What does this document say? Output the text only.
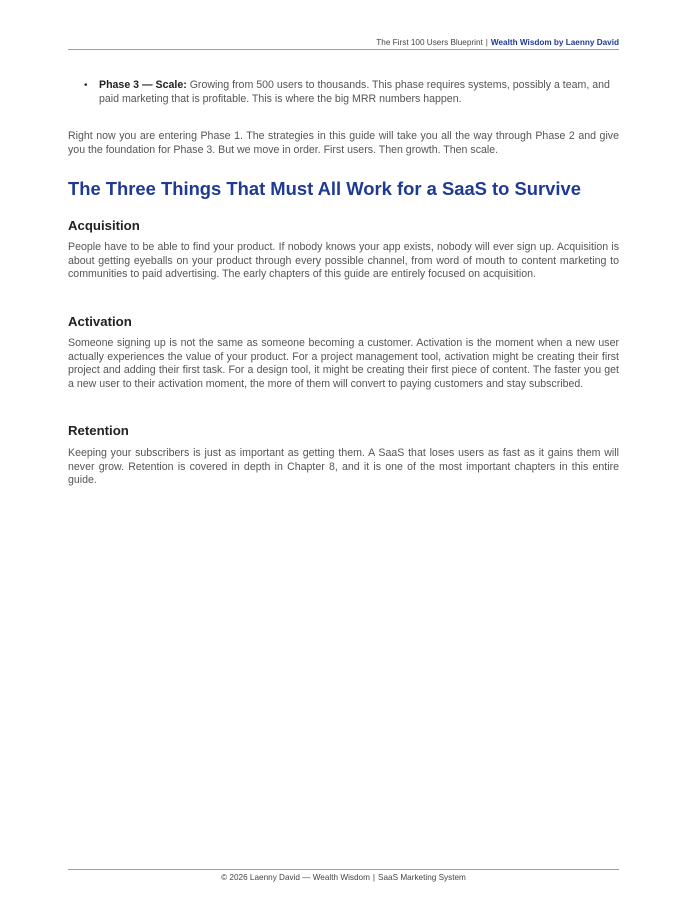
The First 100 Users Blueprint | Wealth Wisdom by Laenny David
• Phase 3 — Scale: Growing from 500 users to thousands. This phase requires systems, possibly a team, and paid marketing that is profitable. This is where the big MRR numbers happen.

Right now you are entering Phase 1. The strategies in this guide will take you all the way through Phase 2 and give you the foundation for Phase 3. But we move in order. First users. Then growth. Then scale.

The Three Things That Must All Work for a SaaS to Survive
Acquisition

People have to be able to find your product. If nobody knows your app exists, nobody will ever sign up. Acquisition is about getting eyeballs on your product through every possible channel, from word of mouth to content marketing to communities to paid advertising. The early chapters of this guide are entirely focused on acquisition.

Activation

Someone signing up is not the same as someone becoming a customer. Activation is the moment when a new user actually experiences the value of your product. For a project management tool, activation might be creating their first project and adding their first task. For a design tool, it might be creating their first piece of content. The faster you get a new user to their activation moment, the more of them will convert to paying customers and stay subscribed.

Retention

Keeping your subscribers is just as important as getting them. A SaaS that loses users as fast as it gains them will never grow. Retention is covered in depth in Chapter 8, and it is one of the most important chapters in this entire guide.

© 2026 Laenny David — Wealth Wisdom | SaaS Marketing System
